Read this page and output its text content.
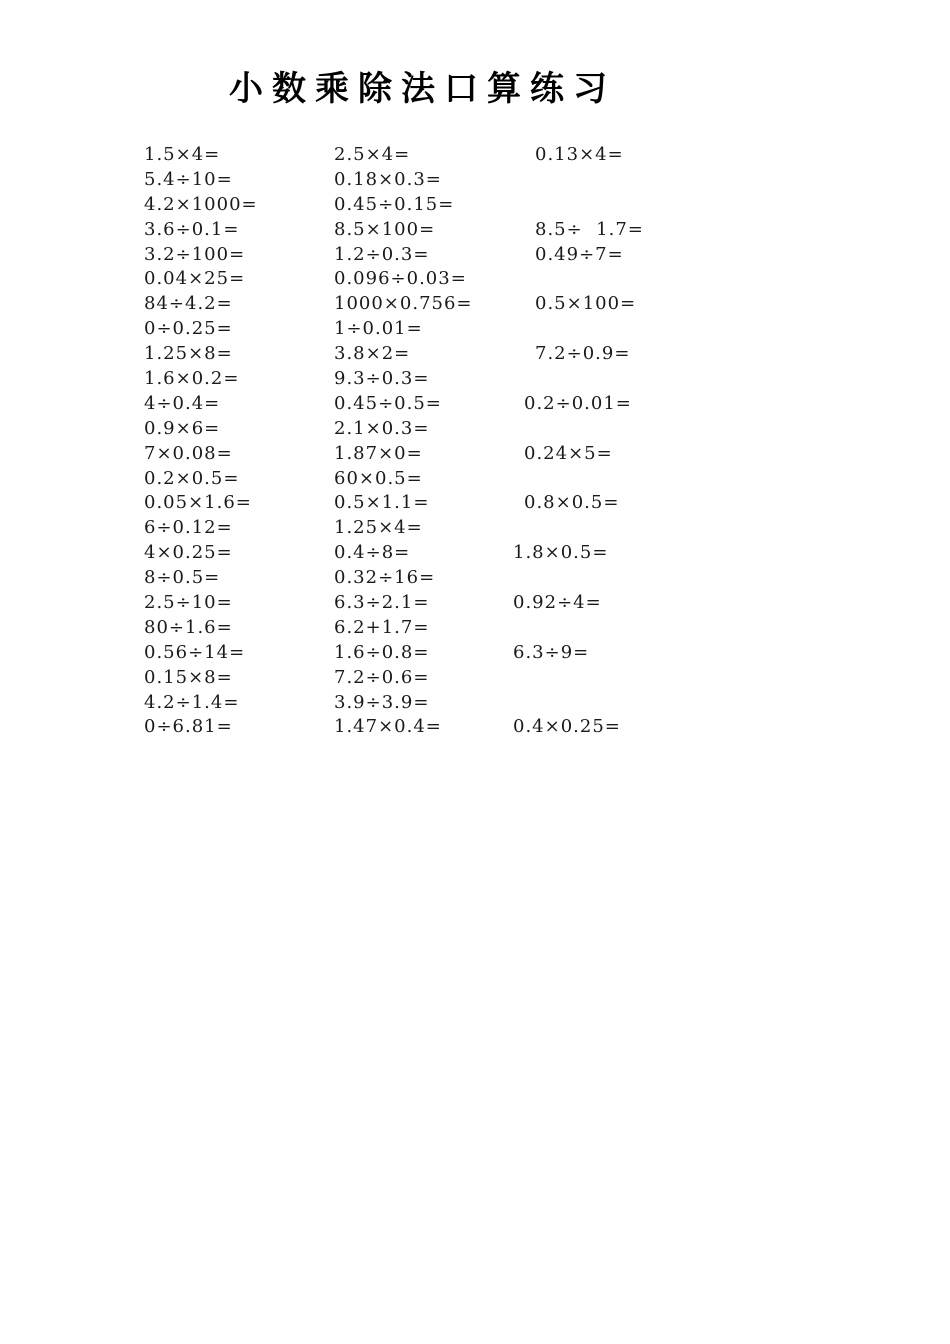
小数乘除法口算练习
1.5×4=	2.5×4=	0.13×4=
5.4÷10=	0.18×0.3=
4.2×1000=	0.45÷0.15=
3.6÷0.1=	8.5×100=	8.5÷  1.7=
3.2÷100=	1.2÷0.3=	0.49÷7=
0.04×25=	0.096÷0.03=
84÷4.2=	1000×0.756=	0.5×100=
0÷0.25=	1÷0.01=
1.25×8=	3.8×2=	7.2÷0.9=
1.6×0.2=	9.3÷0.3=
4÷0.4=	0.45÷0.5=	0.2÷0.01=
0.9×6=	2.1×0.3=
7×0.08=	1.87×0=	0.24×5=
0.2×0.5=	60×0.5=
0.05×1.6=	0.5×1.1=	0.8×0.5=
6÷0.12=	1.25×4=
4×0.25=	0.4÷8=	1.8×0.5=
8÷0.5=	0.32÷16=
2.5÷10=	6.3÷2.1=	0.92÷4=
80÷1.6=	6.2+1.7=
0.56÷14=	1.6÷0.8=	6.3÷9=
0.15×8=	7.2÷0.6=
4.2÷1.4=	3.9÷3.9=
0÷6.81=	1.47×0.4=	0.4×0.25=
